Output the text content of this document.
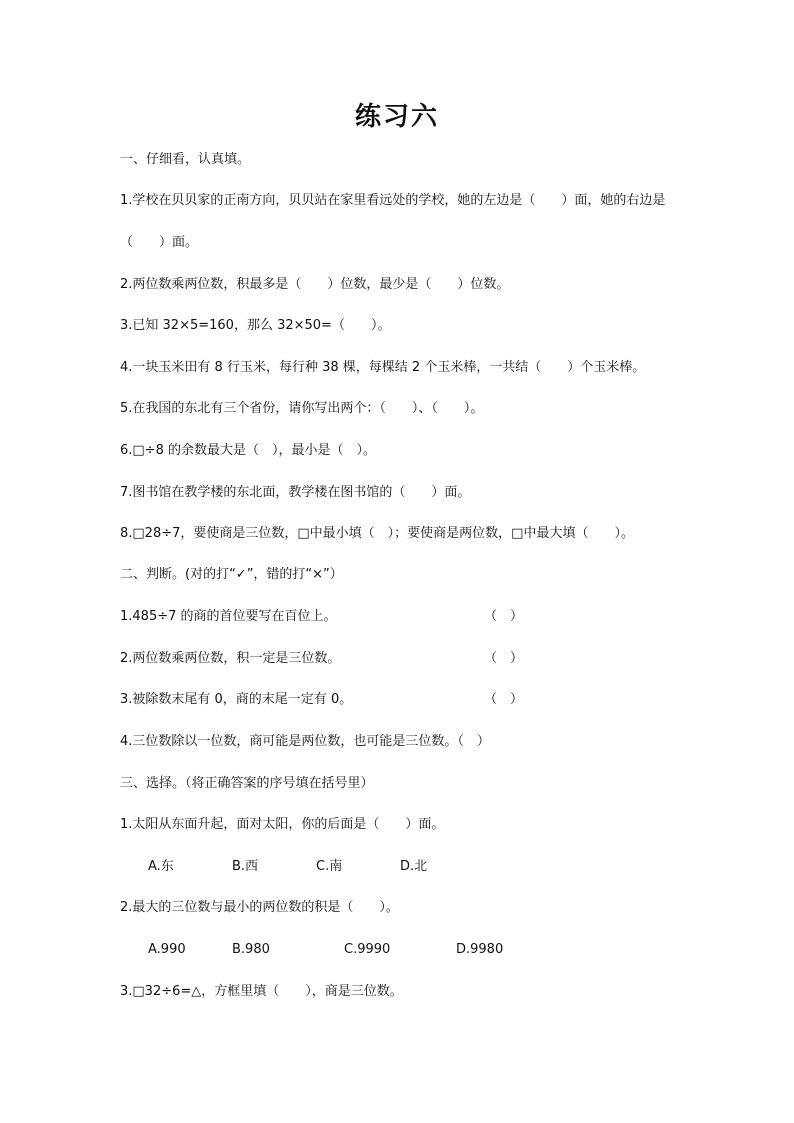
练习六
一、仔细看，认真填。
1.学校在贝贝家的正南方向，贝贝站在家里看远处的学校，她的左边是（　　）面，她的右边是
（　　）面。
2.两位数乘两位数，积最多是（　　）位数，最少是（　　）位数。
3.已知 32×5=160，那么 32×50=（　　）。
4.一块玉米田有 8 行玉米，每行种 38 棵，每棵结 2 个玉米棒，一共结（　　）个玉米棒。
5.在我国的东北有三个省份，请你写出两个：（　　）、（　　）。
6.□÷8 的余数最大是（　），最小是（　）。
7.图书馆在教学楼的东北面，教学楼在图书馆的（　　）面。
8.□28÷7，要使商是三位数，□中最小填（　）；要使商是两位数，□中最大填（　　）。
二、判断。(对的打“✓”，错的打“×”）
1.485÷7 的商的首位要写在百位上。	（　）
2.两位数乘两位数，积一定是三位数。	（　）
3.被除数末尾有 0，商的末尾一定有 0。	（　）
4.三位数除以一位数，商可能是两位数，也可能是三位数。（　）
三、选择。（将正确答案的序号填在括号里）
1.太阳从东面升起，面对太阳，你的后面是（　　）面。
A.东	B.西	C.南	D.北
2.最大的三位数与最小的两位数的积是（　　）。
A.990	B.980	C.9990	D.9980
3.□32÷6=△，方框里填（　　），商是三位数。
